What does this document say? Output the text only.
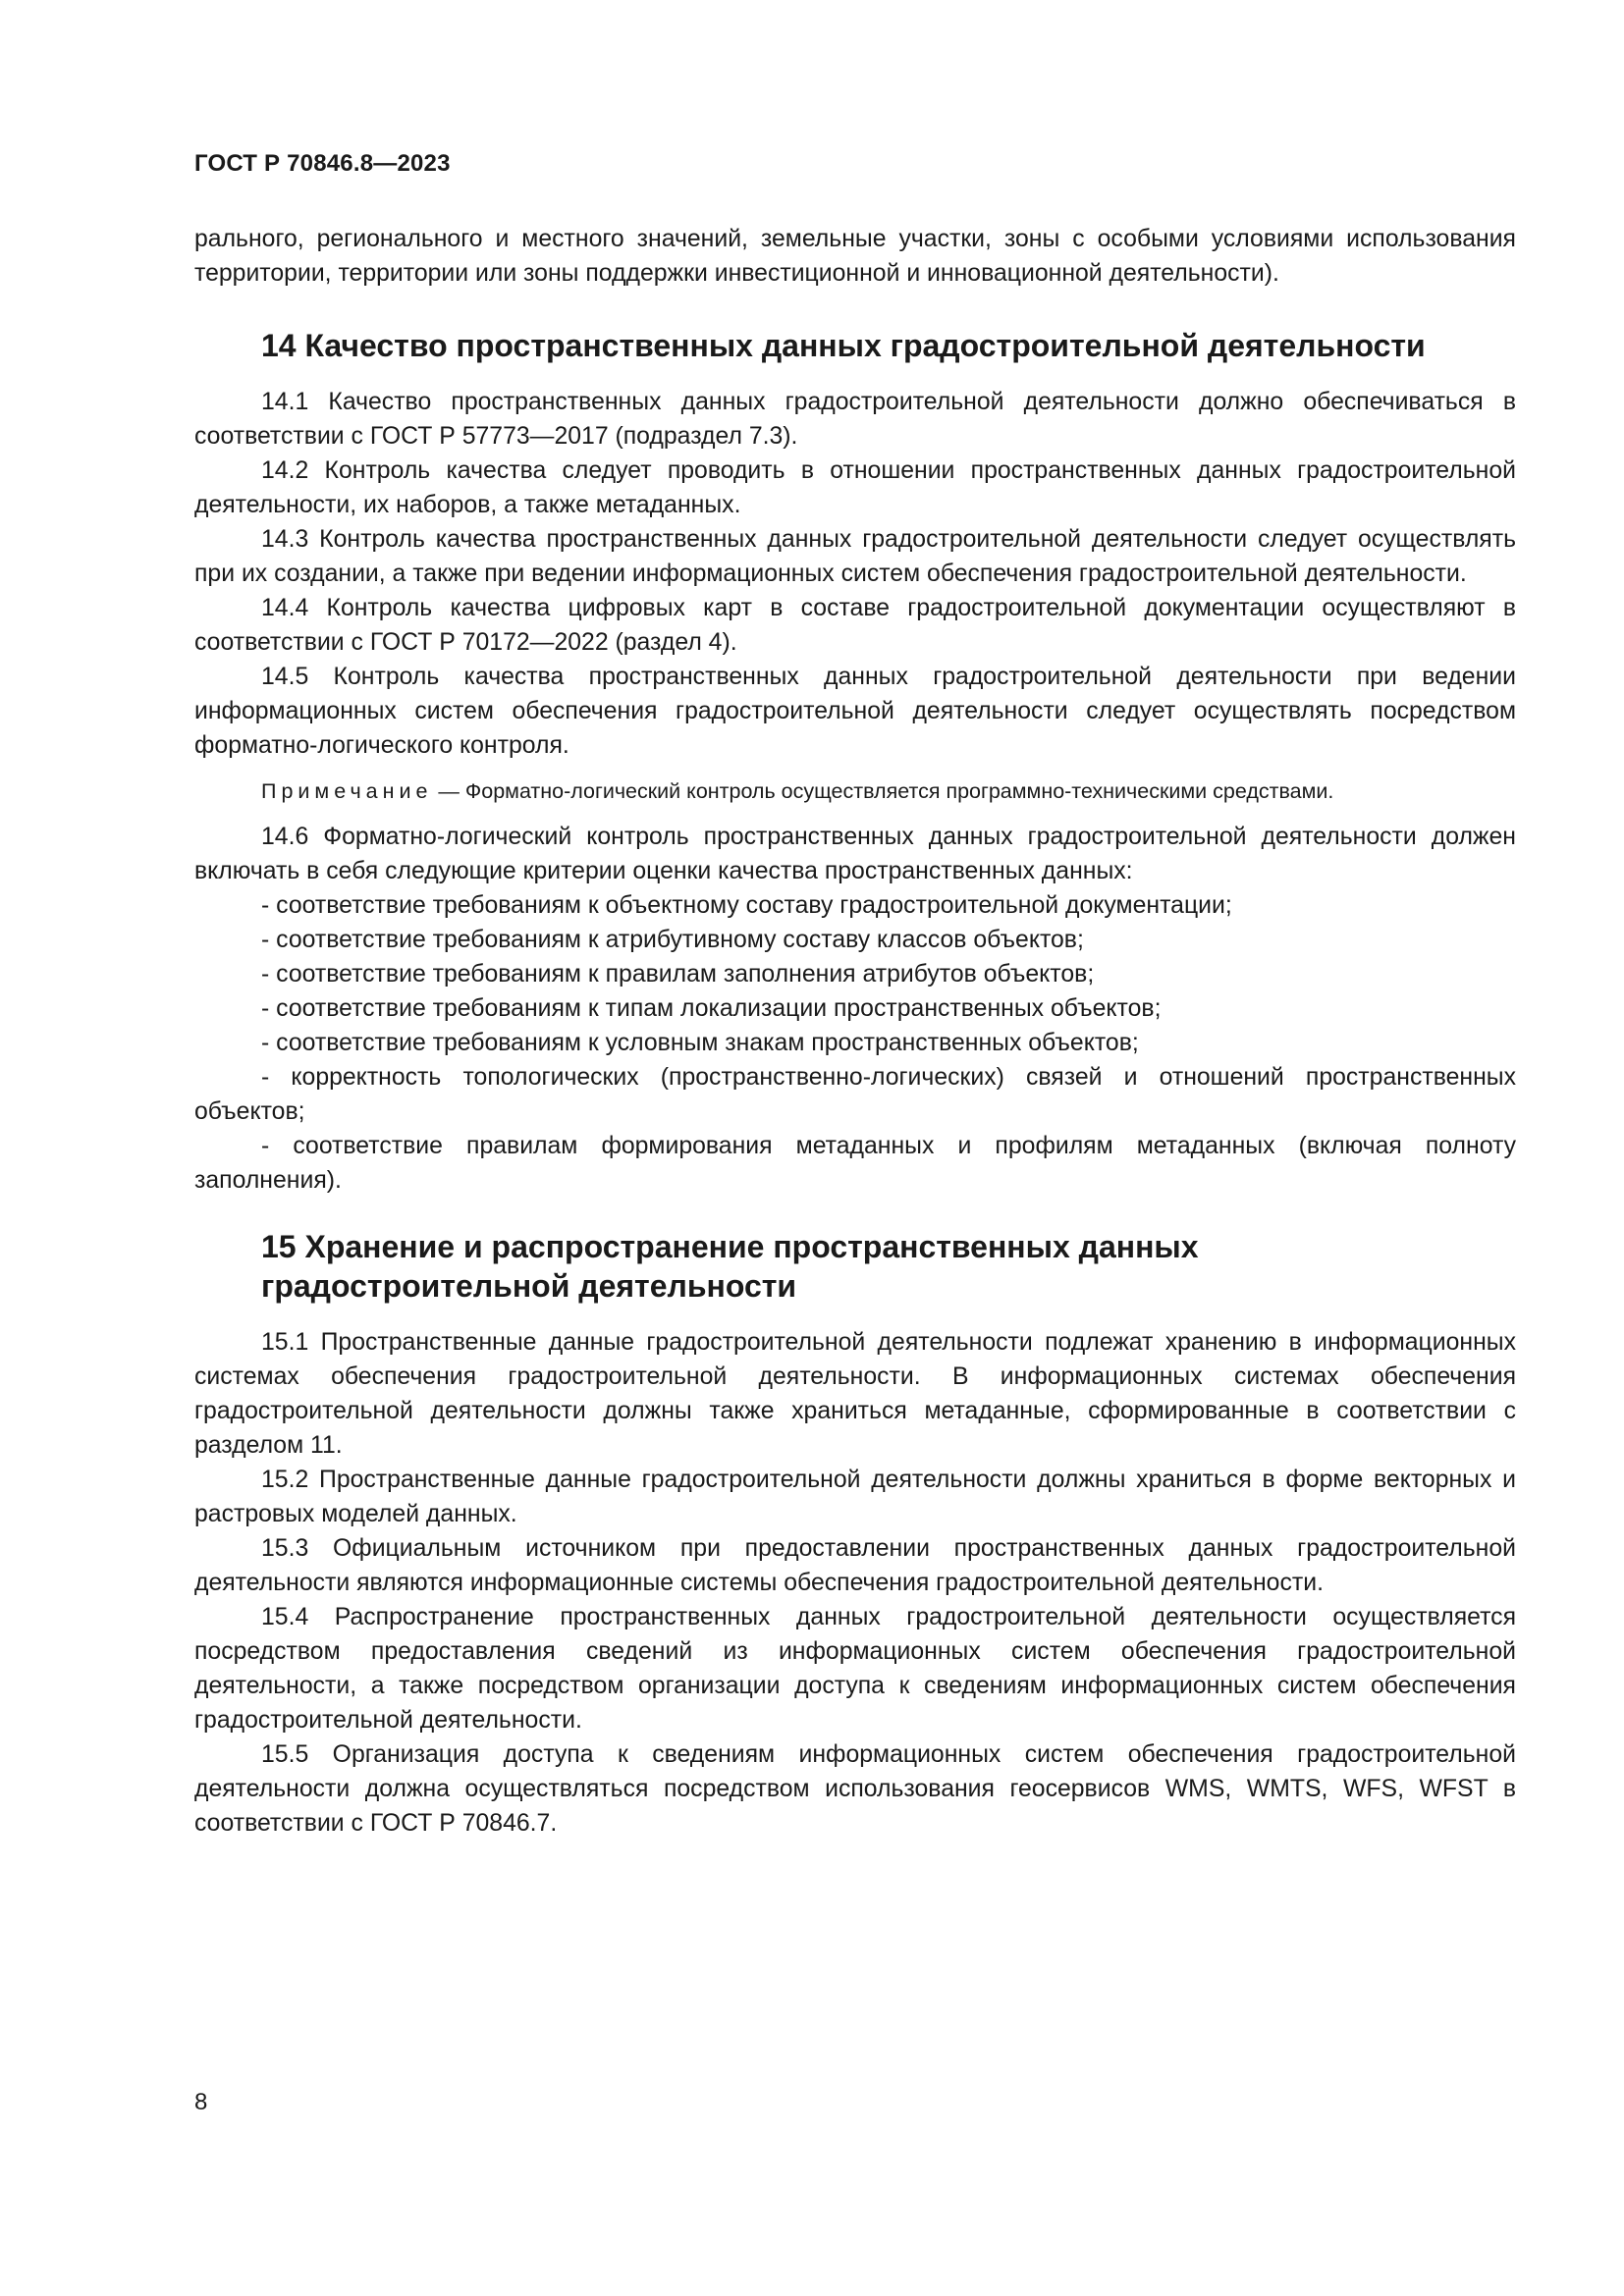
ГОСТ Р 70846.8—2023

рального, регионального и местного значений, земельные участки, зоны с особыми условиями использования территории, территории или зоны поддержки инвестиционной и инновационной деятельности).

14 Качество пространственных данных градостроительной деятельности

14.1 Качество пространственных данных градостроительной деятельности должно обеспечиваться в соответствии с ГОСТ Р 57773—2017 (подраздел 7.3).

14.2 Контроль качества следует проводить в отношении пространственных данных градостроительной деятельности, их наборов, а также метаданных.

14.3 Контроль качества пространственных данных градостроительной деятельности следует осуществлять при их создании, а также при ведении информационных систем обеспечения градостроительной деятельности.

14.4 Контроль качества цифровых карт в составе градостроительной документации осуществляют в соответствии с ГОСТ Р 70172—2022 (раздел 4).

14.5 Контроль качества пространственных данных градостроительной деятельности при ведении информационных систем обеспечения градостроительной деятельности следует осуществлять посредством форматно-логического контроля.

Примечание — Форматно-логический контроль осуществляется программно-техническими средствами.

14.6 Форматно-логический контроль пространственных данных градостроительной деятельности должен включать в себя следующие критерии оценки качества пространственных данных:

- соответствие требованиям к объектному составу градостроительной документации;

- соответствие требованиям к атрибутивному составу классов объектов;

- соответствие требованиям к правилам заполнения атрибутов объектов;

- соответствие требованиям к типам локализации пространственных объектов;

- соответствие требованиям к условным знакам пространственных объектов;

- корректность топологических (пространственно-логических) связей и отношений пространственных объектов;

- соответствие правилам формирования метаданных и профилям метаданных (включая полноту заполнения).

15 Хранение и распространение пространственных данных
градостроительной деятельности

15.1 Пространственные данные градостроительной деятельности подлежат хранению в информационных системах обеспечения градостроительной деятельности. В информационных системах обеспечения градостроительной деятельности должны также храниться метаданные, сформированные в соответствии с разделом 11.

15.2 Пространственные данные градостроительной деятельности должны храниться в форме векторных и растровых моделей данных.

15.3 Официальным источником при предоставлении пространственных данных градостроительной деятельности являются информационные системы обеспечения градостроительной деятельности.

15.4 Распространение пространственных данных градостроительной деятельности осуществляется посредством предоставления сведений из информационных систем обеспечения градостроительной деятельности, а также посредством организации доступа к сведениям информационных систем обеспечения градостроительной деятельности.

15.5 Организация доступа к сведениям информационных систем обеспечения градостроительной деятельности должна осуществляться посредством использования геосервисов WMS, WMTS, WFS, WFST в соответствии с ГОСТ Р 70846.7.

8
